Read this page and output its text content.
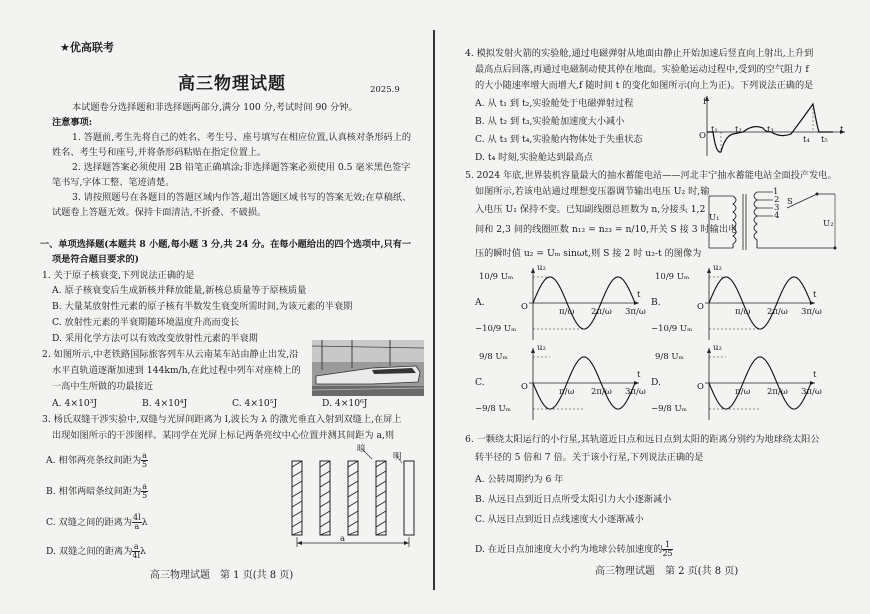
★优高联考
高三物理试题	2025.9
本试题卷分选择题和非选择题两部分,满分 100 分,考试时间 90 分钟。
注意事项:
1. 答题前,考生先将自己的姓名、考生号、座号填写在相应位置,认真核对条形码上的
姓名、考生号和座号,并将条形码粘贴在指定位置上。
2. 选择题答案必须使用 2B 铅笔正确填涂;非选择题答案必须使用 0.5 毫米黑色签字
笔书写,字体工整、笔迹清楚。
3. 请按照题号在各题目的答题区域内作答,超出答题区域书写的答案无效;在草稿纸、
试题卷上答题无效。保持卡面清洁,不折叠、不破损。
一、单项选择题(本题共 8 小题,每小题 3 分,共 24 分。在每小题给出的四个选项中,只有一
项是符合题目要求的)
1. 关于原子核衰变,下列说法正确的是
A. 原子核衰变后生成新核并释放能量,新核总质量等于原核质量
B. 大量某放射性元素的原子核有半数发生衰变所需时间,为该元素的半衰期
C. 放射性元素的半衰期随环境温度升高而变长
D. 采用化学方法可以有效改变放射性元素的半衰期
2. 如图所示,中老铁路国际旅客列车从云南某车站由静止出发,沿
水平直轨道逐渐加速到 144km/h,在此过程中列车对座椅上的
一高中生所做的功最接近
A. 4×10³J	B. 4×10⁴J	C. 4×10⁵J	D. 4×10⁶J
3. 杨氏双缝干涉实验中,双缝与光屏间距离为 l,波长为 λ 的激光垂直入射到双缝上,在屏上
出现如图所示的干涉图样。某同学在光屏上标记两条亮纹中心位置并测其间距为 a,则
A. 相邻两亮条纹间距为 $\frac{a}{5}$
B. 相邻两暗条纹间距为 $\frac{a}{5}$
C. 双缝之间的距离为 $\frac{4l}{a}$ λ
D. 双缝之间的距离为 $\frac{a}{4l}$ λ
暗
明
a
高三物理试题　第 1 页(共 8 页)
4. 模拟发射火箭的实验舱,通过电磁弹射从地面由静止开始加速后竖直向上射出,上升到
最高点后回落,再通过电磁制动使其停在地面。实验舱运动过程中,受到的空气阻力 f
的大小随速率增大而增大,f 随时间 t 的变化如图所示(向上为正)。下列说法正确的是
A. 从 t₁ 到 t₂,实验舱处于电磁弹射过程
B. 从 t₂ 到 t₃,实验舱加速度大小减小
C. 从 t₃ 到 t₄,实验舱内物体处于失重状态
D. t₄ 时刻,实验舱达到最高点
f
O
t₁ t₂	t₃
t₄ t₅
t
5. 2024 年底,世界装机容量最大的抽水蓄能电站——河北丰宁抽水蓄能电站全面投产发电。
如图所示,若该电站通过理想变压器调节输出电压 U₂ 时,输
入电压 U₁ 保持不变。已知副线圈总匝数为 n,分接头 1,2
间和 2,3 间的线圈匝数 n₁₂ = n₂₃ = n/10,开关 S 接 3 时输出电
压的瞬时值 u₂ = Uₘ sinωt,则 S 接 2 时 u₂-t 的图像为
U₁
U₂
1
2
3
4
S
A.
10/9 Uₘ
−10/9 Uₘ
u₂
t
O	π/ω 2π/ω 3π/ω
B.
10/9 Uₘ
−10/9 Uₘ
u₂
t
O	π/ω 2π/ω 3π/ω
C.
9/8 Uₘ
−9/8 Uₘ
u₂
t
O	π/ω 2π/ω 3π/ω
D.
9/8 Uₘ
−9/8 Uₘ
u₂
t
O	π/ω 2π/ω 3π/ω
6. 一颗绕太阳运行的小行星,其轨道近日点和远日点到太阳的距离分别约为地球绕太阳公
转半径的 5 倍和 7 倍。关于该小行星,下列说法正确的是
A. 公转周期约为 6 年
B. 从远日点到近日点所受太阳引力大小逐渐减小
C. 从远日点到近日点线速度大小逐渐减小
D. 在近日点加速度大小约为地球公转加速度的 $\frac{1}{25}$
高三物理试题　第 2 页(共 8 页)
